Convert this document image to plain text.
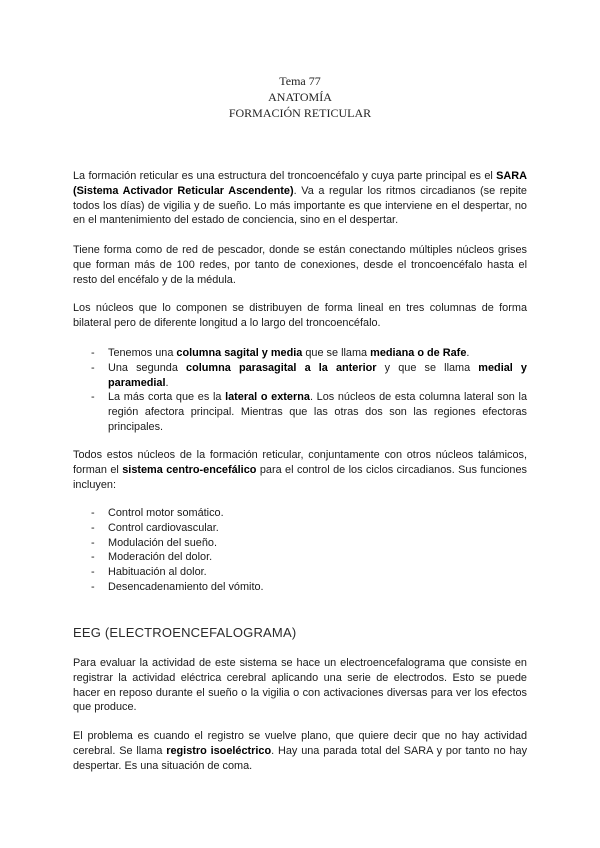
Tema 77
ANATOMÍA
FORMACIÓN RETICULAR

La formación reticular es una estructura del troncoencéfalo y cuya parte principal es el SARA (Sistema Activador Reticular Ascendente). Va a regular los ritmos circadianos (se repite todos los días) de vigilia y de sueño. Lo más importante es que interviene en el despertar, no en el mantenimiento del estado de conciencia, sino en el despertar.

Tiene forma como de red de pescador, donde se están conectando múltiples núcleos grises que forman más de 100 redes, por tanto de conexiones, desde el troncoencéfalo hasta el resto del encéfalo y de la médula.

Los núcleos que lo componen se distribuyen de forma lineal en tres columnas de forma bilateral pero de diferente longitud a lo largo del troncoencéfalo.

- Tenemos una columna sagital y media que se llama mediana o de Rafe.
- Una segunda columna parasagital a la anterior y que se llama medial y paramedial.
- La más corta que es la lateral o externa. Los núcleos de esta columna lateral son la región afectora principal. Mientras que las otras dos son las regiones efectoras principales.

Todos estos núcleos de la formación reticular, conjuntamente con otros núcleos talámicos, forman el sistema centro-encefálico para el control de los ciclos circadianos. Sus funciones incluyen:

- Control motor somático.
- Control cardiovascular.
- Modulación del sueño.
- Moderación del dolor.
- Habituación al dolor.
- Desencadenamiento del vómito.
EEG (ELECTROENCEFALOGRAMA)

Para evaluar la actividad de este sistema se hace un electroencefalograma que consiste en registrar la actividad eléctrica cerebral aplicando una serie de electrodos. Esto se puede hacer en reposo durante el sueño o la vigilia o con activaciones diversas para ver los efectos que produce.

El problema es cuando el registro se vuelve plano, que quiere decir que no hay actividad cerebral. Se llama registro isoeléctrico. Hay una parada total del SARA y por tanto no hay despertar. Es una situación de coma.
